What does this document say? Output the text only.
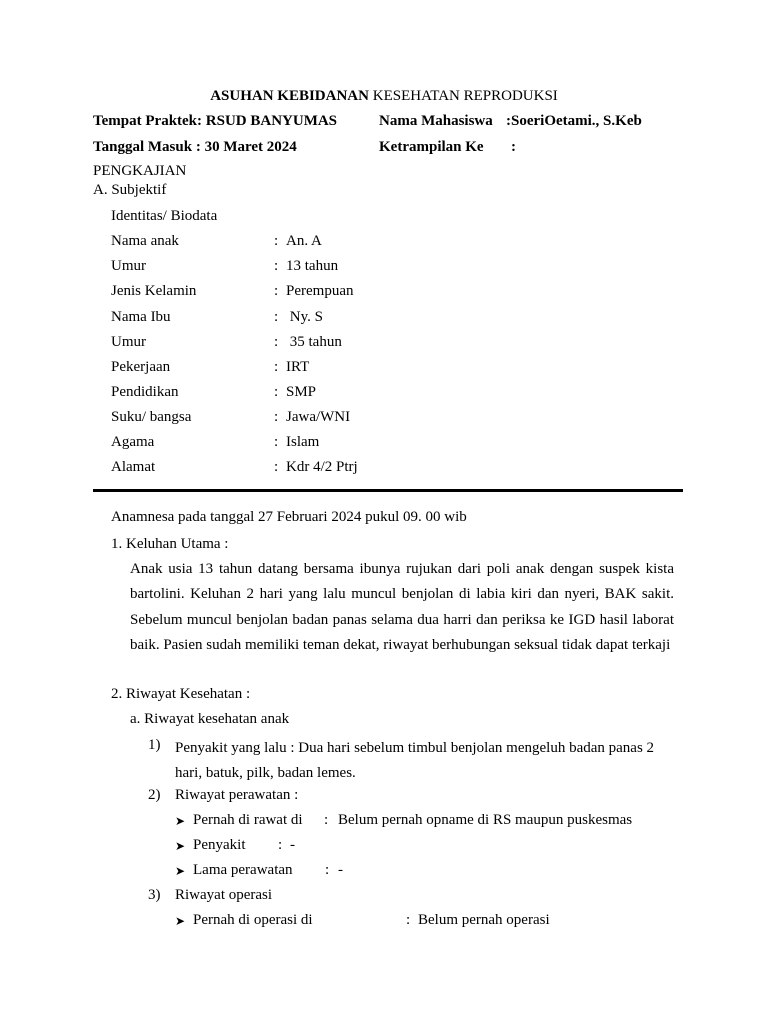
ASUHAN KEBIDANAN KESEHATAN REPRODUKSI
Tempat Praktek: RSUD BANYUMAS	Nama Mahasiswa :SoeriOetami., S.Keb
Tanggal Masuk : 30 Maret 2024	Ketrampilan Ke :
PENGKAJIAN
A. Subjektif
Identitas/ Biodata
Nama anak	: An. A
Umur	: 13 tahun
Jenis Kelamin	: Perempuan
Nama Ibu	: Ny. S
Umur	: 35 tahun
Pekerjaan	: IRT
Pendidikan	: SMP
Suku/ bangsa	: Jawa/WNI
Agama	: Islam
Alamat	: Kdr 4/2 Ptrj
Anamnesa pada tanggal 27 Februari 2024 pukul 09. 00 wib
1. Keluhan Utama :
Anak usia 13 tahun datang bersama ibunya rujukan dari poli anak dengan suspek kista bartolini. Keluhan 2 hari yang lalu muncul benjolan di labia kiri dan nyeri, BAK sakit. Sebelum muncul benjolan badan panas selama dua harri dan periksa ke IGD hasil laborat baik. Pasien sudah memiliki teman dekat, riwayat berhubungan seksual tidak dapat terkaji
2. Riwayat Kesehatan :
a. Riwayat kesehatan anak
1) Penyakit yang lalu : Dua hari sebelum timbul benjolan mengeluh badan panas 2 hari, batuk, pilk, badan lemes.
2) Riwayat perawatan :
➤ Pernah di rawat di : Belum pernah opname di RS maupun puskesmas
➤ Penyakit : -
➤ Lama perawatan : -
3) Riwayat operasi
➤ Pernah di operasi di	: Belum pernah operasi
